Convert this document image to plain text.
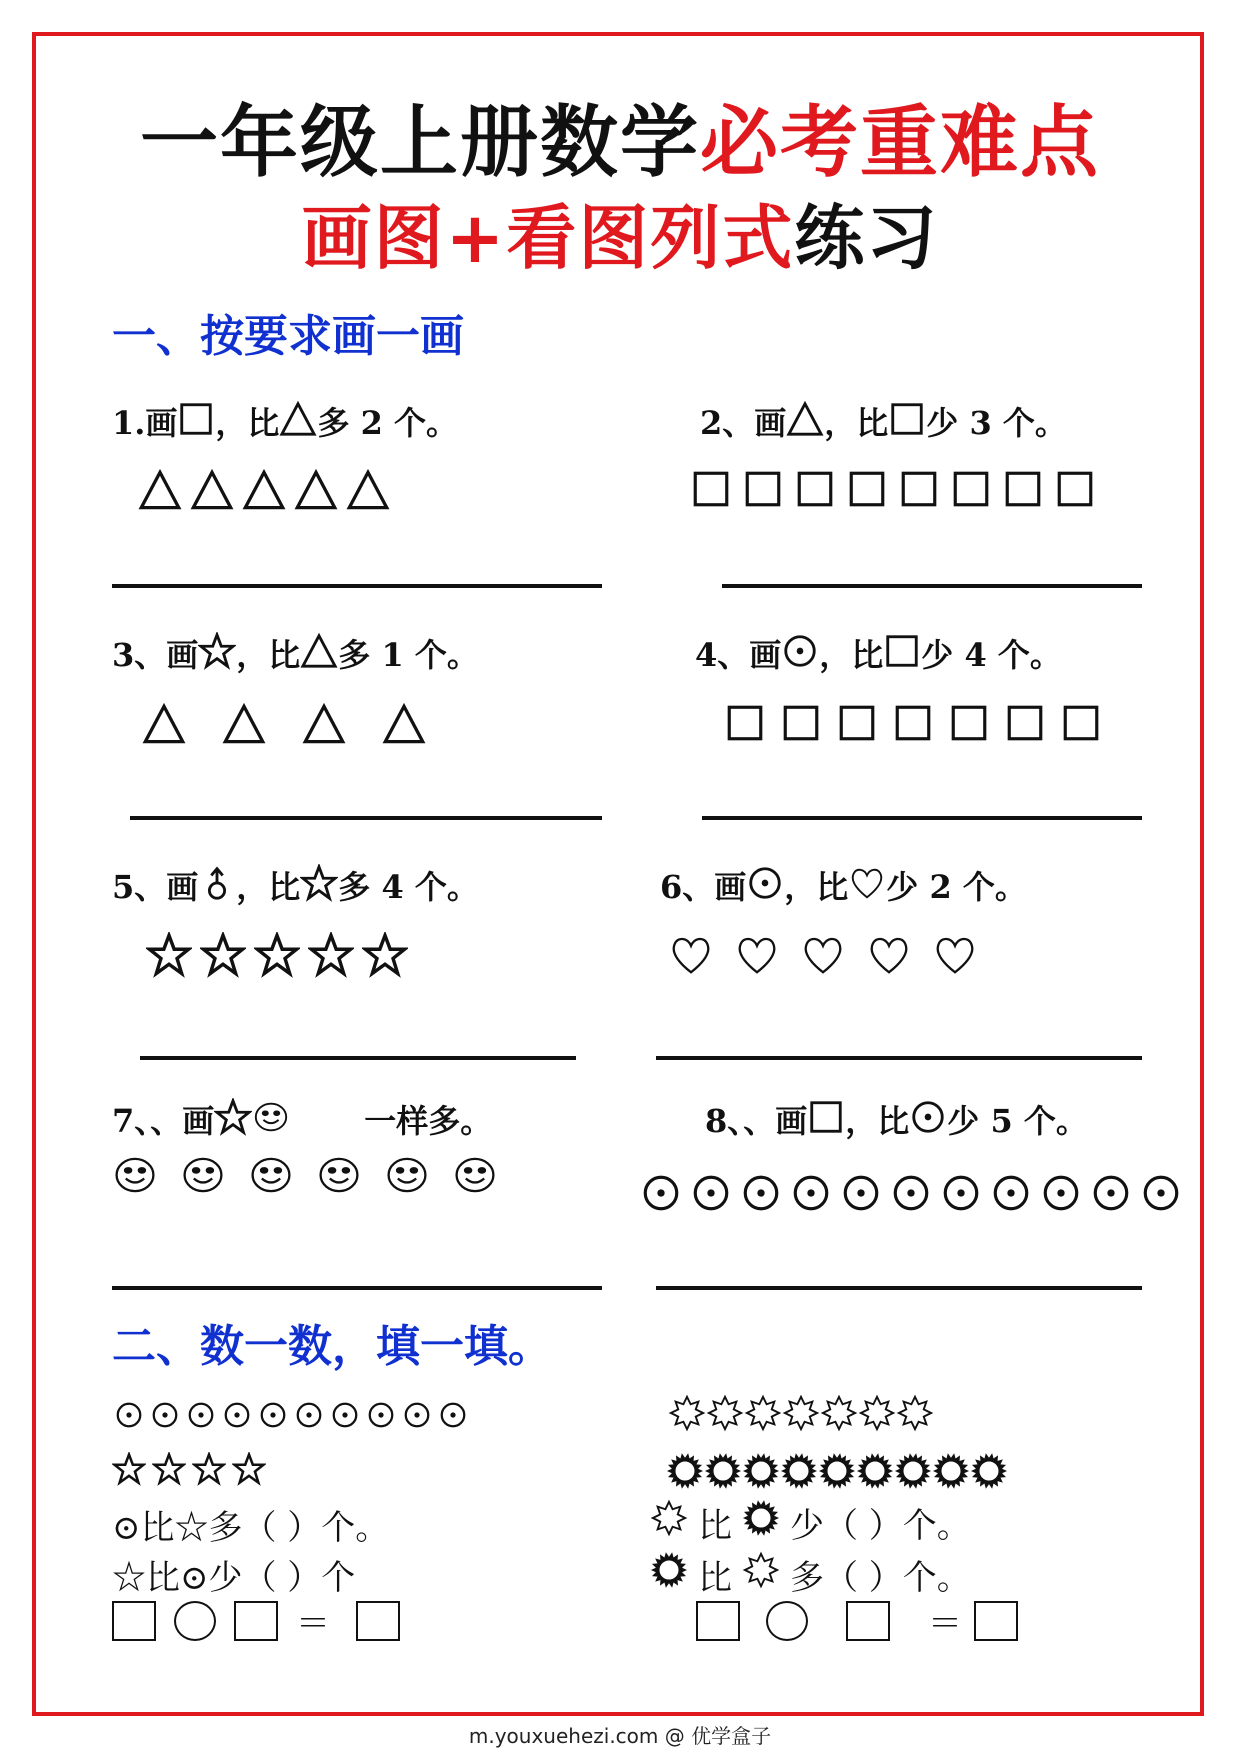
一年级上册数学必考重难点
画图+看图列式练习
一、按要求画一画
1.画 ，比 多 2 个。	2、画 ，比 少 3 个。
3、画 ，比 多 1 个。	4、画 ，比 少 4 个。
5、画 ，比 多 4 个。	6、画 ，比 少 2 个。
7、、画	一样多。	8、、画 ，比 少 5 个。
二、数一数，填一填。
⊙比☆多（ ）个。
☆比⊙少（ ）个
＝
比 少（ ）个。
比 多（ ）个。
＝
m.youxuehezi.com @ 优学盒子
